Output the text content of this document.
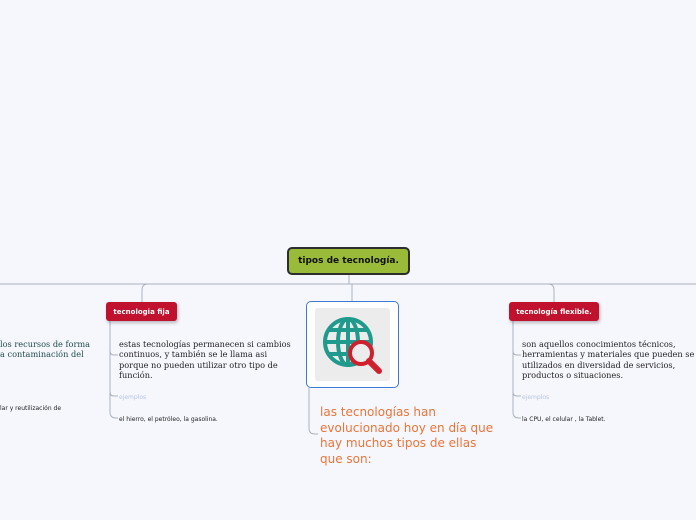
tipos de tecnología.
tecnologia fija	tecnología flexible.
estas tecnologías permanecen si cambios continuos, y también se le llama asi porque no pueden utilizar otro tipo de función.
son aquellos conocimientos técnicos, herramientas y materiales que pueden se utilizados en diversidad de servicios, productos o situaciones.
los recursos de forma
a contaminación del
ejemplos	ejemplos
el hierro, el petróleo, la gasolina.	la CPU, el celular , la Tablet.
lar y reutilización de	las tecnologías han evolucionado hoy en día que hay muchos tipos de ellas que son:
